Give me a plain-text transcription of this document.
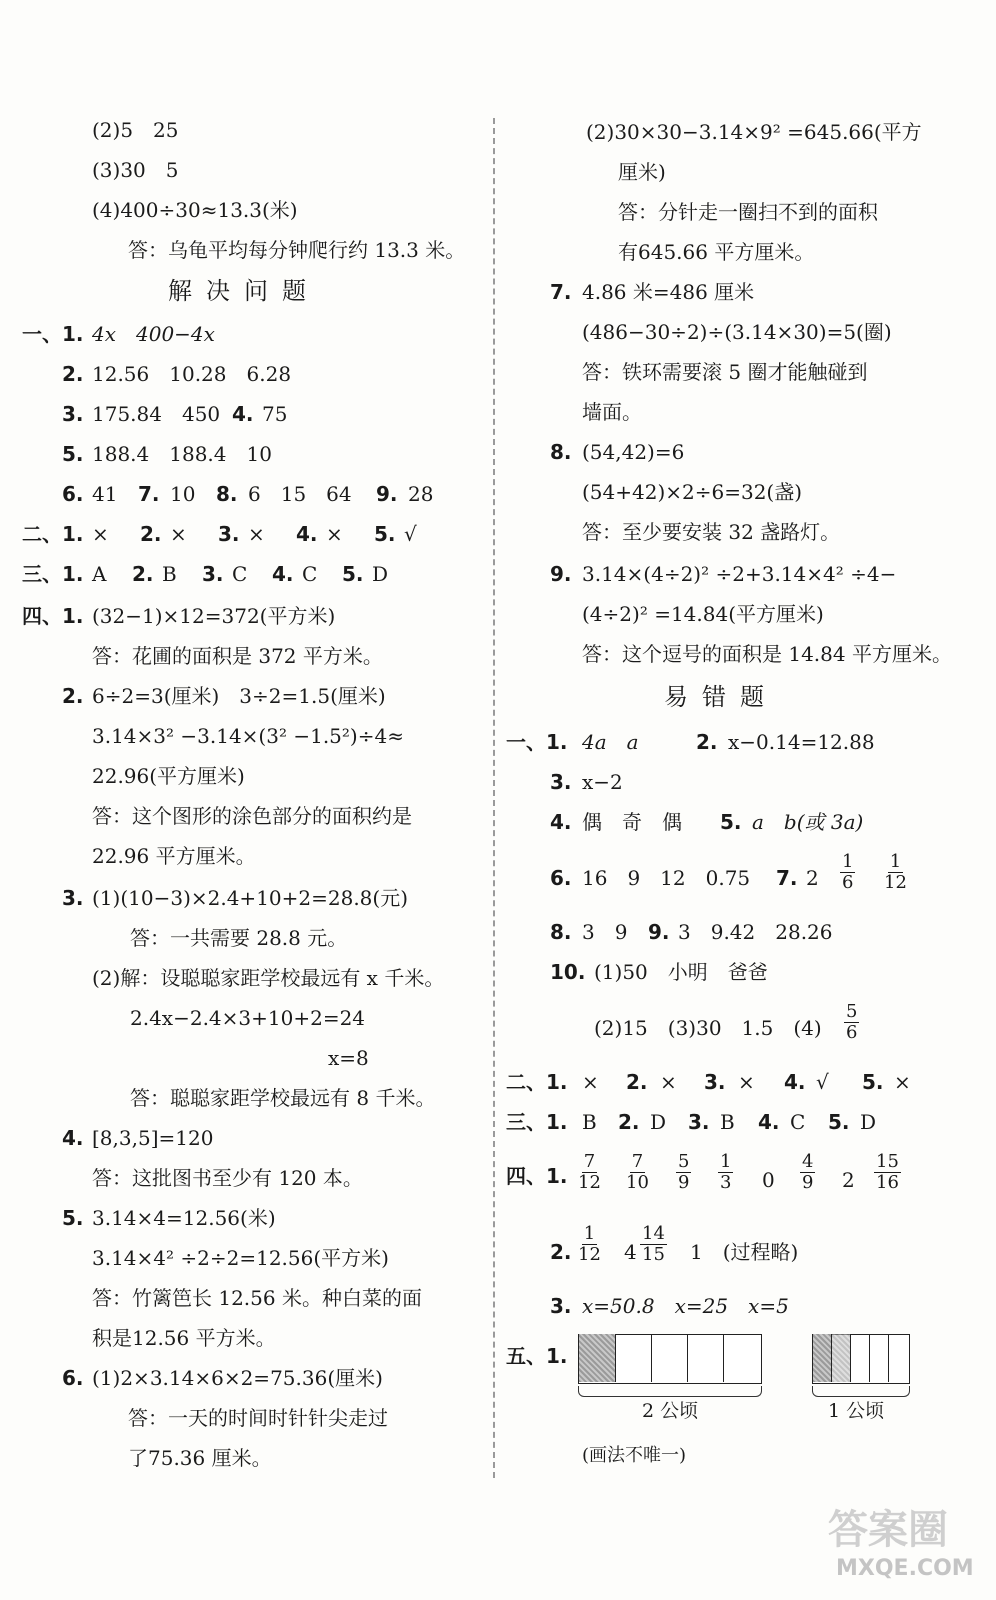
(2)5　25
(3)30　5
(4)400÷30≈13.3(米)
答：乌龟平均每分钟爬行约 13.3 米。
解决问题
一、1. 4x　400−4x
2. 12.56　10.28　6.28
3. 175.84　450 4. 75
5. 188.4　188.4　10
6. 41 7. 10 8. 6　15　64 9. 28
二、1. × 2. × 3. × 4. × 5. √
三、1. A 2. B 3. C 4. C 5. D
四、1. (32−1)×12=372(平方米)
答：花圃的面积是 372 平方米。
2. 6÷2=3(厘米)　3÷2=1.5(厘米)
3.14×3² −3.14×(3² −1.5²)÷4≈
22.96(平方厘米)
答：这个图形的涂色部分的面积约是
22.96 平方厘米。
3. (1)(10−3)×2.4+10+2=28.8(元)
答：一共需要 28.8 元。
(2)解：设聪聪家距学校最远有 x 千米。
2.4x−2.4×3+10+2=24
x=8
答：聪聪家距学校最远有 8 千米。
4. [8,3,5]=120
答：这批图书至少有 120 本。
5. 3.14×4=12.56(米)
3.14×4² ÷2÷2=12.56(平方米)
答：竹篱笆长 12.56 米。种白菜的面
积是12.56 平方米。
6. (1)2×3.14×6×2=75.36(厘米)
答：一天的时间时针针尖走过
了75.36 厘米。
(2)30×30−3.14×9² =645.66(平方
厘米)
答：分针走一圈扫不到的面积
有645.66 平方厘米。
7. 4.86 米=486 厘米
(486−30÷2)÷(3.14×30)=5(圈)
答：铁环需要滚 5 圈才能触碰到
墙面。
8. (54,42)=6
(54+42)×2÷6=32(盏)
答：至少要安装 32 盏路灯。
9. 3.14×(4÷2)² ÷2+3.14×4² ÷4−
(4÷2)² =14.84(平方厘米)
答：这个逗号的面积是 14.84 平方厘米。
易错题
一、1. 4a　a	2. x−0.14=12.88
3. x−2
4. 偶　奇　偶 5. a　b(或 3a)
6. 16　9　12　0.75 7. $2 \frac{1}{6} \frac{1}{12}$
8. 3　9 9. 3　9.42　28.26
10. (1)50　小明　爸爸
(2)15　(3)30　1.5　$(4) \frac{5}{6}$
二、1. × 2. × 3. × 4. √ 5. ×
三、1. B 2. D 3. B 4. C 5. D
四、1. $\frac{7}{12} \frac{7}{10} \frac{5}{9} \frac{1}{3} 0 \frac{4}{9} 2 \frac{15}{16}$
2. $\frac{1}{12} 4 \frac{14}{15} 1$　(过程略)
3. x=50.8　x=25　x=5
五、1.
2 公顷	1 公顷
(画法不唯一)
答案圈
MXQE.COM
